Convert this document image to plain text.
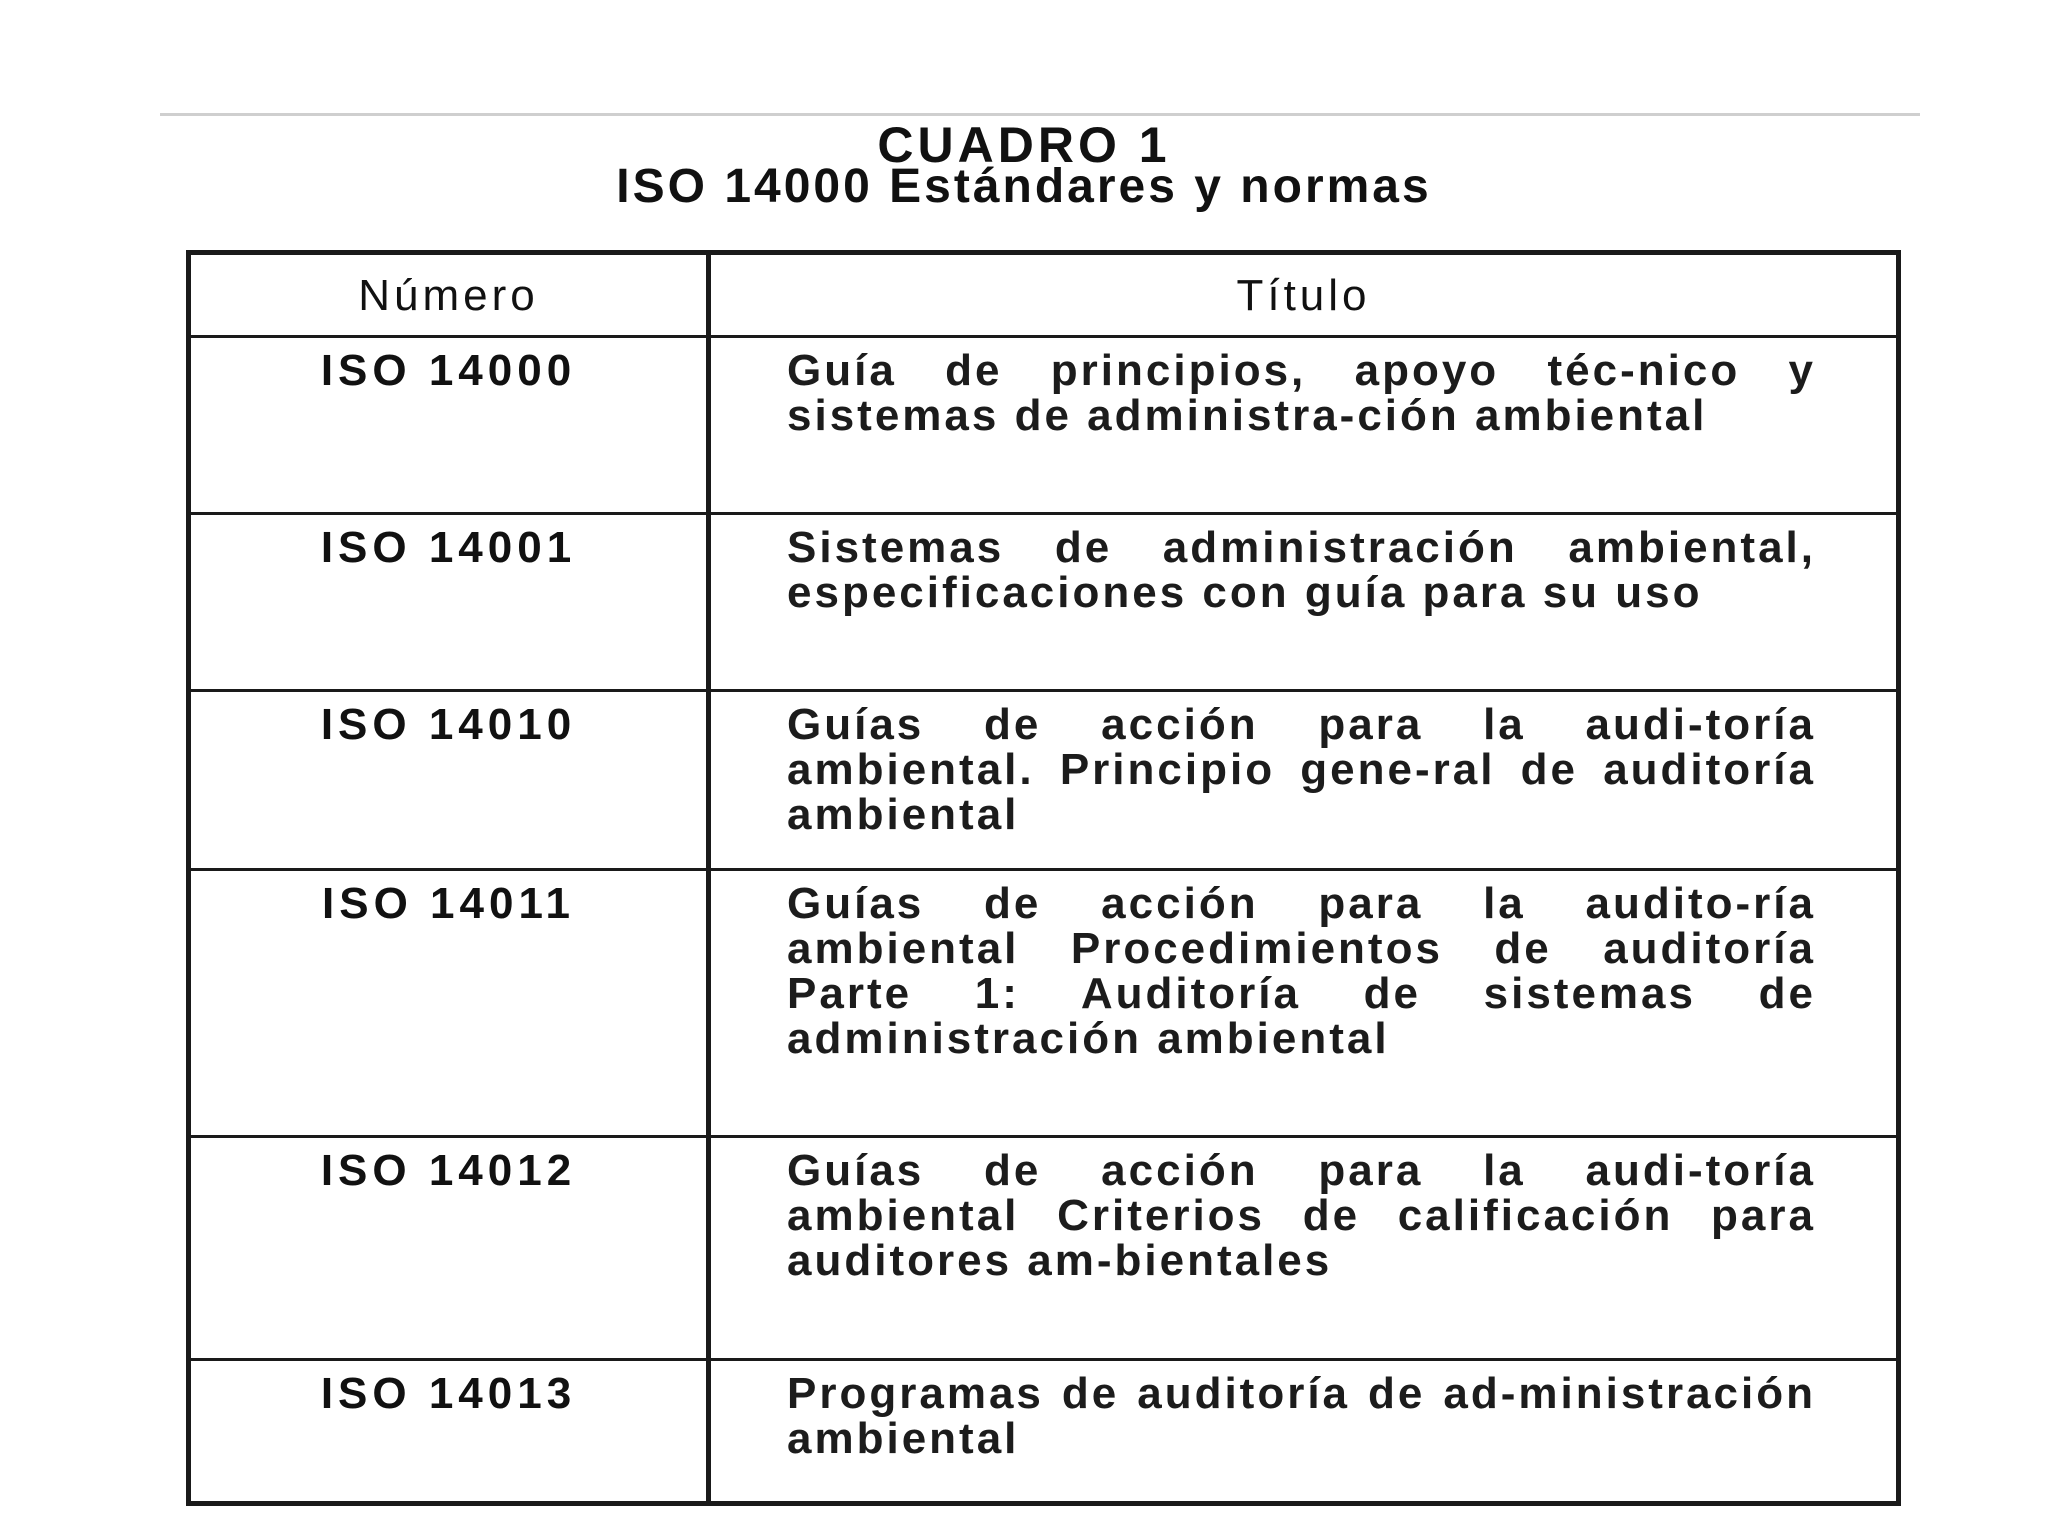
CUADRO 1
ISO 14000 Estándares y normas
Número	Título
ISO 14000	Guía de principios, apoyo téc-nico y sistemas de administra-ción ambiental
ISO 14001	Sistemas de administración ambiental, especificaciones con guía para su uso
ISO 14010	Guías de acción para la audi-toría ambiental. Principio gene-ral de auditoría ambiental
ISO 14011	Guías de acción para la audito-ría ambiental Procedimientos de auditoría Parte 1: Auditoría de sistemas de administración ambiental
ISO 14012	Guías de acción para la audi-toría ambiental Criterios de calificación para auditores am-bientales
ISO 14013	Programas de auditoría de ad-ministración ambiental
